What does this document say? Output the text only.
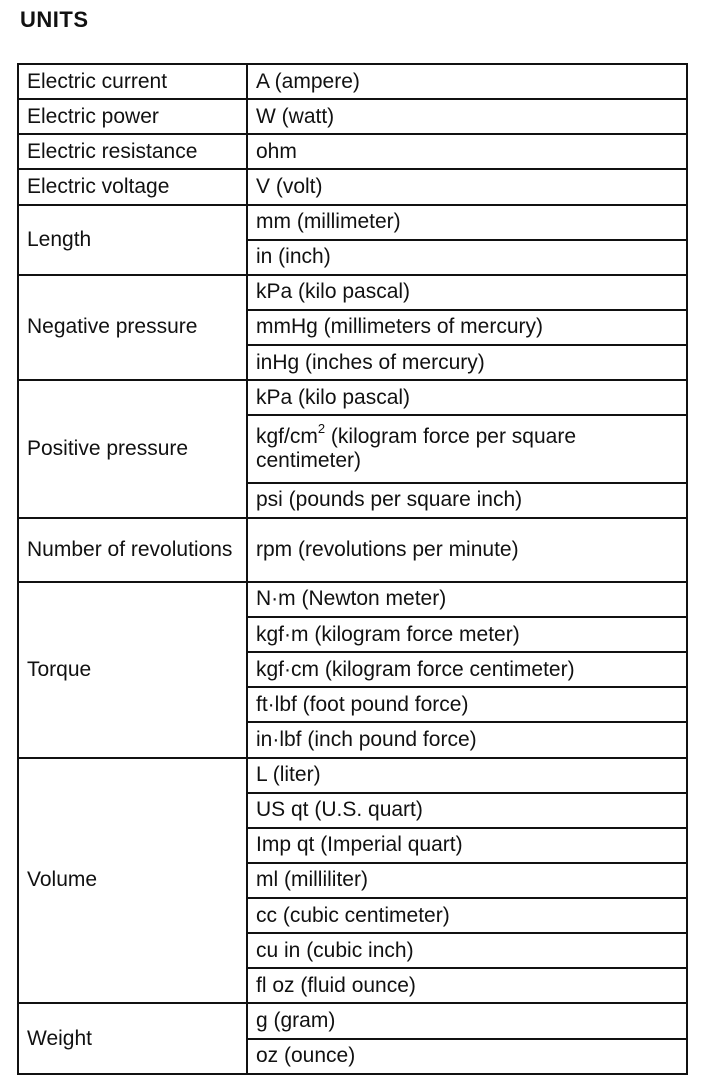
UNITS
Electric current	A (ampere)
Electric power	W (watt)
Electric resistance	ohm
Electric voltage	V (volt)
Length	mm (millimeter)
	in (inch)
Negative pressure	kPa (kilo pascal)
	mmHg (millimeters of mercury)
	inHg (inches of mercury)
Positive pressure	kPa (kilo pascal)
	kgf/$cm^2$ (kilogram force per square centimeter)
	psi (pounds per square inch)
Number of revolutions	rpm (revolutions per minute)
Torque	N·m (Newton meter)
	kgf·m (kilogram force meter)
	kgf·cm (kilogram force centimeter)
	ft·lbf (foot pound force)
	in·lbf (inch pound force)
Volume	L (liter)
	US qt (U.S. quart)
	Imp qt (Imperial quart)
	ml (milliliter)
	cc (cubic centimeter)
	cu in (cubic inch)
	fl oz (fluid ounce)
Weight	g (gram)
	oz (ounce)
